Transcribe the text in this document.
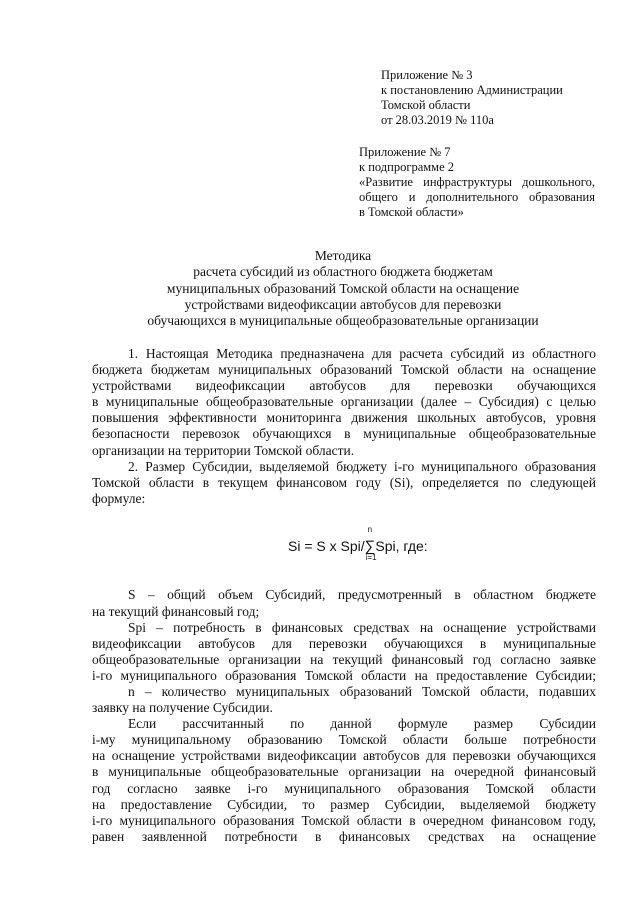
Приложение № 3
к постановлению Администрации
Томской области
от 28.03.2019 № 110а
Приложение № 7
к подпрограмме 2
«Развитие инфраструктуры дошкольного,
общего и дополнительного образования
в Томской области»
Методика
расчета субсидий из областного бюджета бюджетам
муниципальных образований Томской области на оснащение
устройствами видеофиксации автобусов для перевозки
обучающихся в муниципальные общеобразовательные организации
1. Настоящая Методика предназначена для расчета субсидий из областного
бюджета бюджетам муниципальных образований Томской области на оснащение
устройствами видеофиксации автобусов для перевозки обучающихся
в муниципальные общеобразовательные организации (далее – Субсидия) с целью
повышения эффективности мониторинга движения школьных автобусов, уровня
безопасности перевозок обучающихся в муниципальные общеобразовательные
организации на территории Томской области.
2. Размер Субсидии, выделяемой бюджету i-го муниципального образования
Томской области в текущем финансовом году (Si), определяется по следующей
формуле:
S – общий объем Субсидий, предусмотренный в областном бюджете
на текущий финансовый год;
Spi – потребность в финансовых средствах на оснащение устройствами
видеофиксации автобусов для перевозки обучающихся в муниципальные
общеобразовательные организации на текущий финансовый год согласно заявке
i-го муниципального образования Томской области на предоставление Субсидии;
n – количество муниципальных образований Томской области, подавших
заявку на получение Субсидии.
Если рассчитанный по данной формуле размер Субсидии
i-му муниципальному образованию Томской области больше потребности
на оснащение устройствами видеофиксации автобусов для перевозки обучающихся
в муниципальные общеобразовательные организации на очередной финансовый
год согласно заявке i-го муниципального образования Томской области
на предоставление Субсидии, то размер Субсидии, выделяемой бюджету
i-го муниципального образования Томской области в очередном финансовом году,
равен заявленной потребности в финансовых средствах на оснащение
Si = S x Spi/
n
∑
i=1
Spi, где:
